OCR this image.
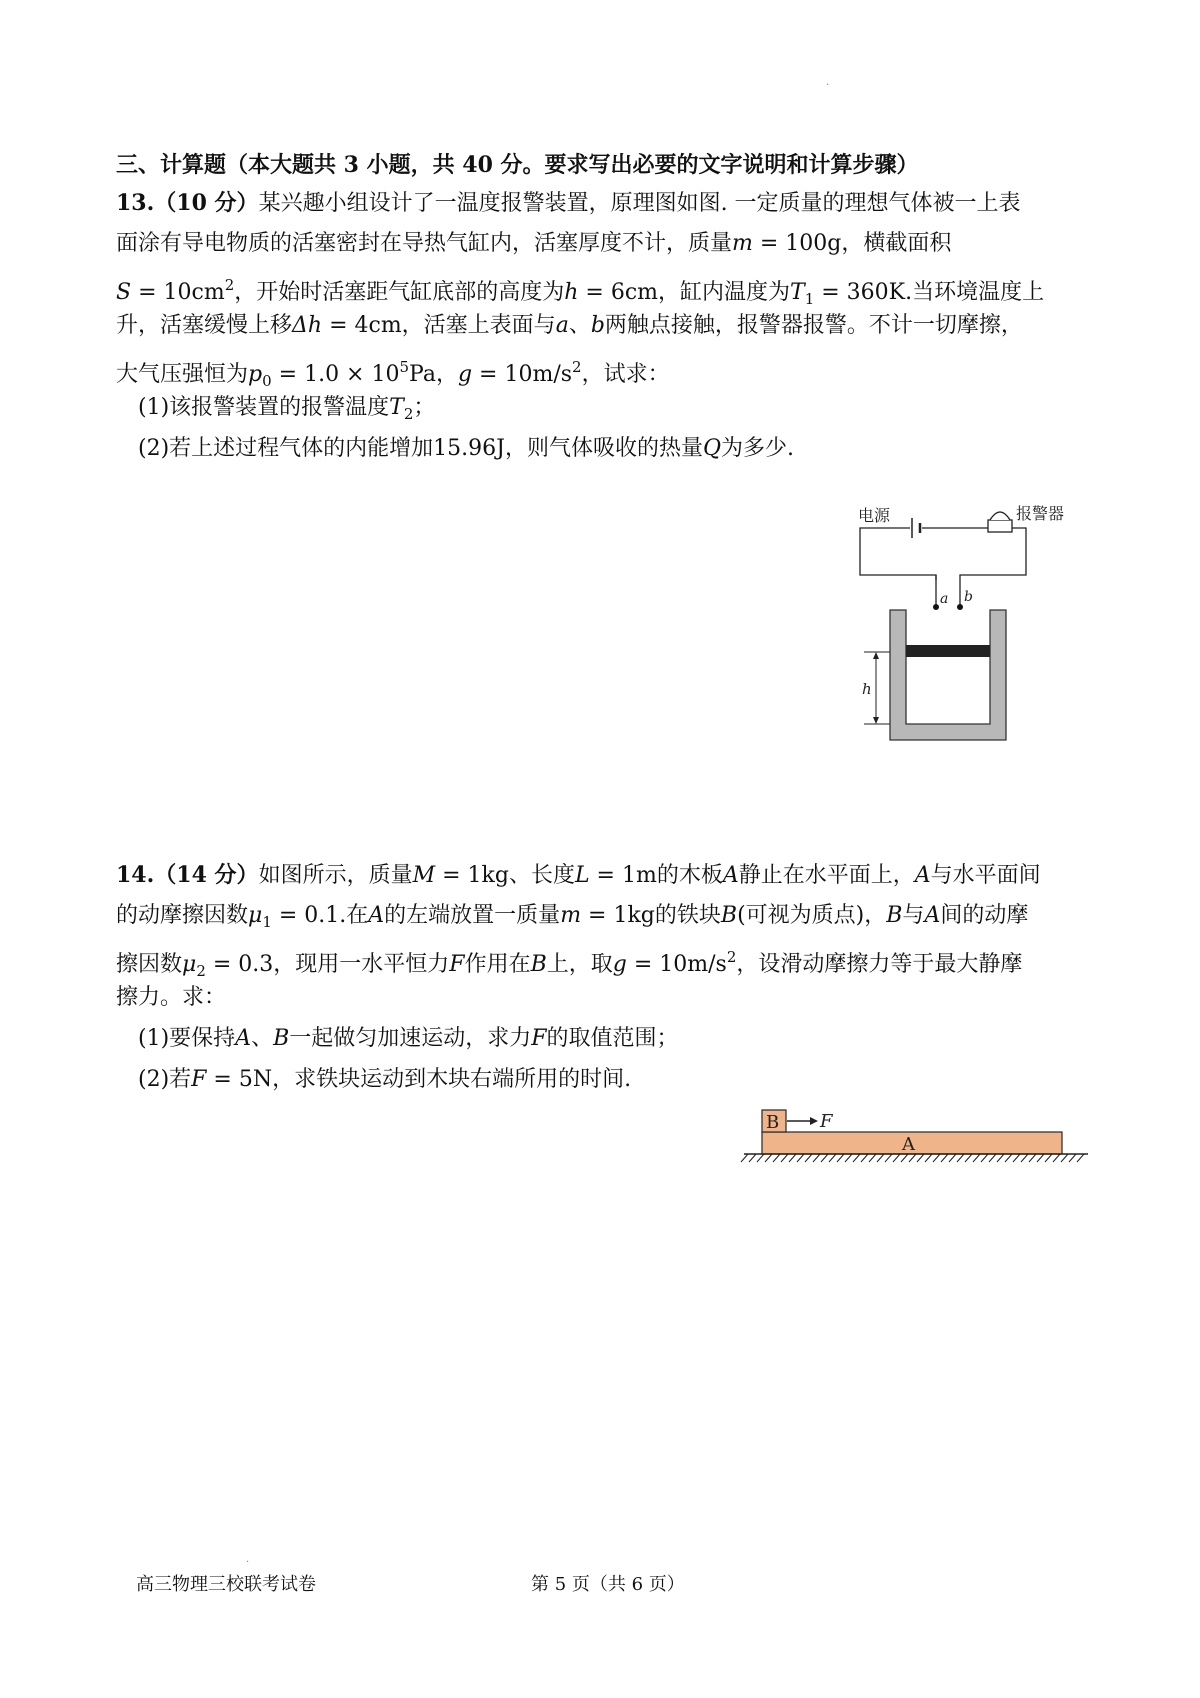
三、计算题（本大题共 3 小题，共 40 分。要求写出必要的文字说明和计算步骤）
13.（10 分）某兴趣小组设计了一温度报警装置，原理图如图. 一定质量的理想气体被一上表
面涂有导电物质的活塞密封在导热气缸内，活塞厚度不计，质量m = 100g，横截面积
$S = 10cm^2$，开始时活塞距气缸底部的高度为h = 6cm，缸内温度为$T_1 = 360K$.当环境温度上
升，活塞缓慢上移Δh = 4cm，活塞上表面与a、b两触点接触，报警器报警。不计一切摩擦，
大气压强恒为$p_0 = 1.0 \times 10^5Pa$，$g = 10m/s^2$，试求：
(1)该报警装置的报警温度$T_2$；
(2)若上述过程气体的内能增加15.96J，则气体吸收的热量Q为多少.
电源	报警器
a b
h
14.（14 分）如图所示，质量M = 1kg、长度L = 1m的木板A静止在水平面上，A与水平面间
的动摩擦因数$\mu_1 = 0.1$.在A的左端放置一质量m = 1kg的铁块B(可视为质点)，B与A间的动摩
擦因数$\mu_2 = 0.3$，现用一水平恒力F作用在B上，取$g = 10m/s^2$，设滑动摩擦力等于最大静摩
擦力。求：
(1)要保持A、B一起做匀加速运动，求力F的取值范围；
(2)若F = 5N，求铁块运动到木块右端所用的时间.
B F
A
高三物理三校联考试卷	第 5 页（共 6 页）
·
·
